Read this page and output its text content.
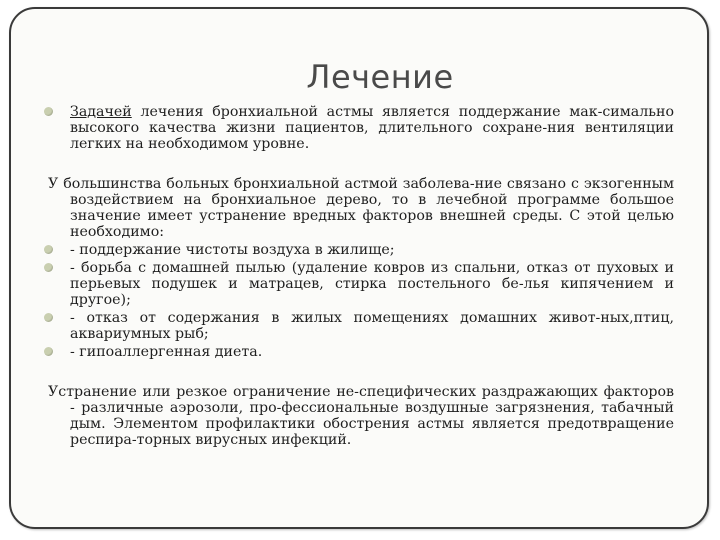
Лечение
Задачей лечения бронхиальной астмы является поддержание мак-симально высокого качества жизни пациентов, длительного сохране-ния вентиляции легких на необходимом уровне.

У большинства больных бронхиальной астмой заболева-ние связано с экзогенным воздействием на бронхиальное дерево, то в лечебной программе большое значение имеет устранение вредных факторов внешней среды. С этой целью необходимо:

- поддержание чистоты воздуха в жилище;
- борьба с домашней пылью (удаление ковров из спальни, отказ от пуховых и перьевых подушек и матрацев, стирка постельного бе-лья кипячением и другое);
- отказ от содержания в жилых помещениях домашних живот-ных,птиц, аквариумных рыб;
- гипоаллергенная диета.

Устранение или резкое ограничение не-специфических раздражающих факторов - различные аэрозоли, про-фессиональные воздушные загрязнения, табачный дым. Элементом профилактики обострения астмы является предотвращение респира-торных вирусных инфекций.
